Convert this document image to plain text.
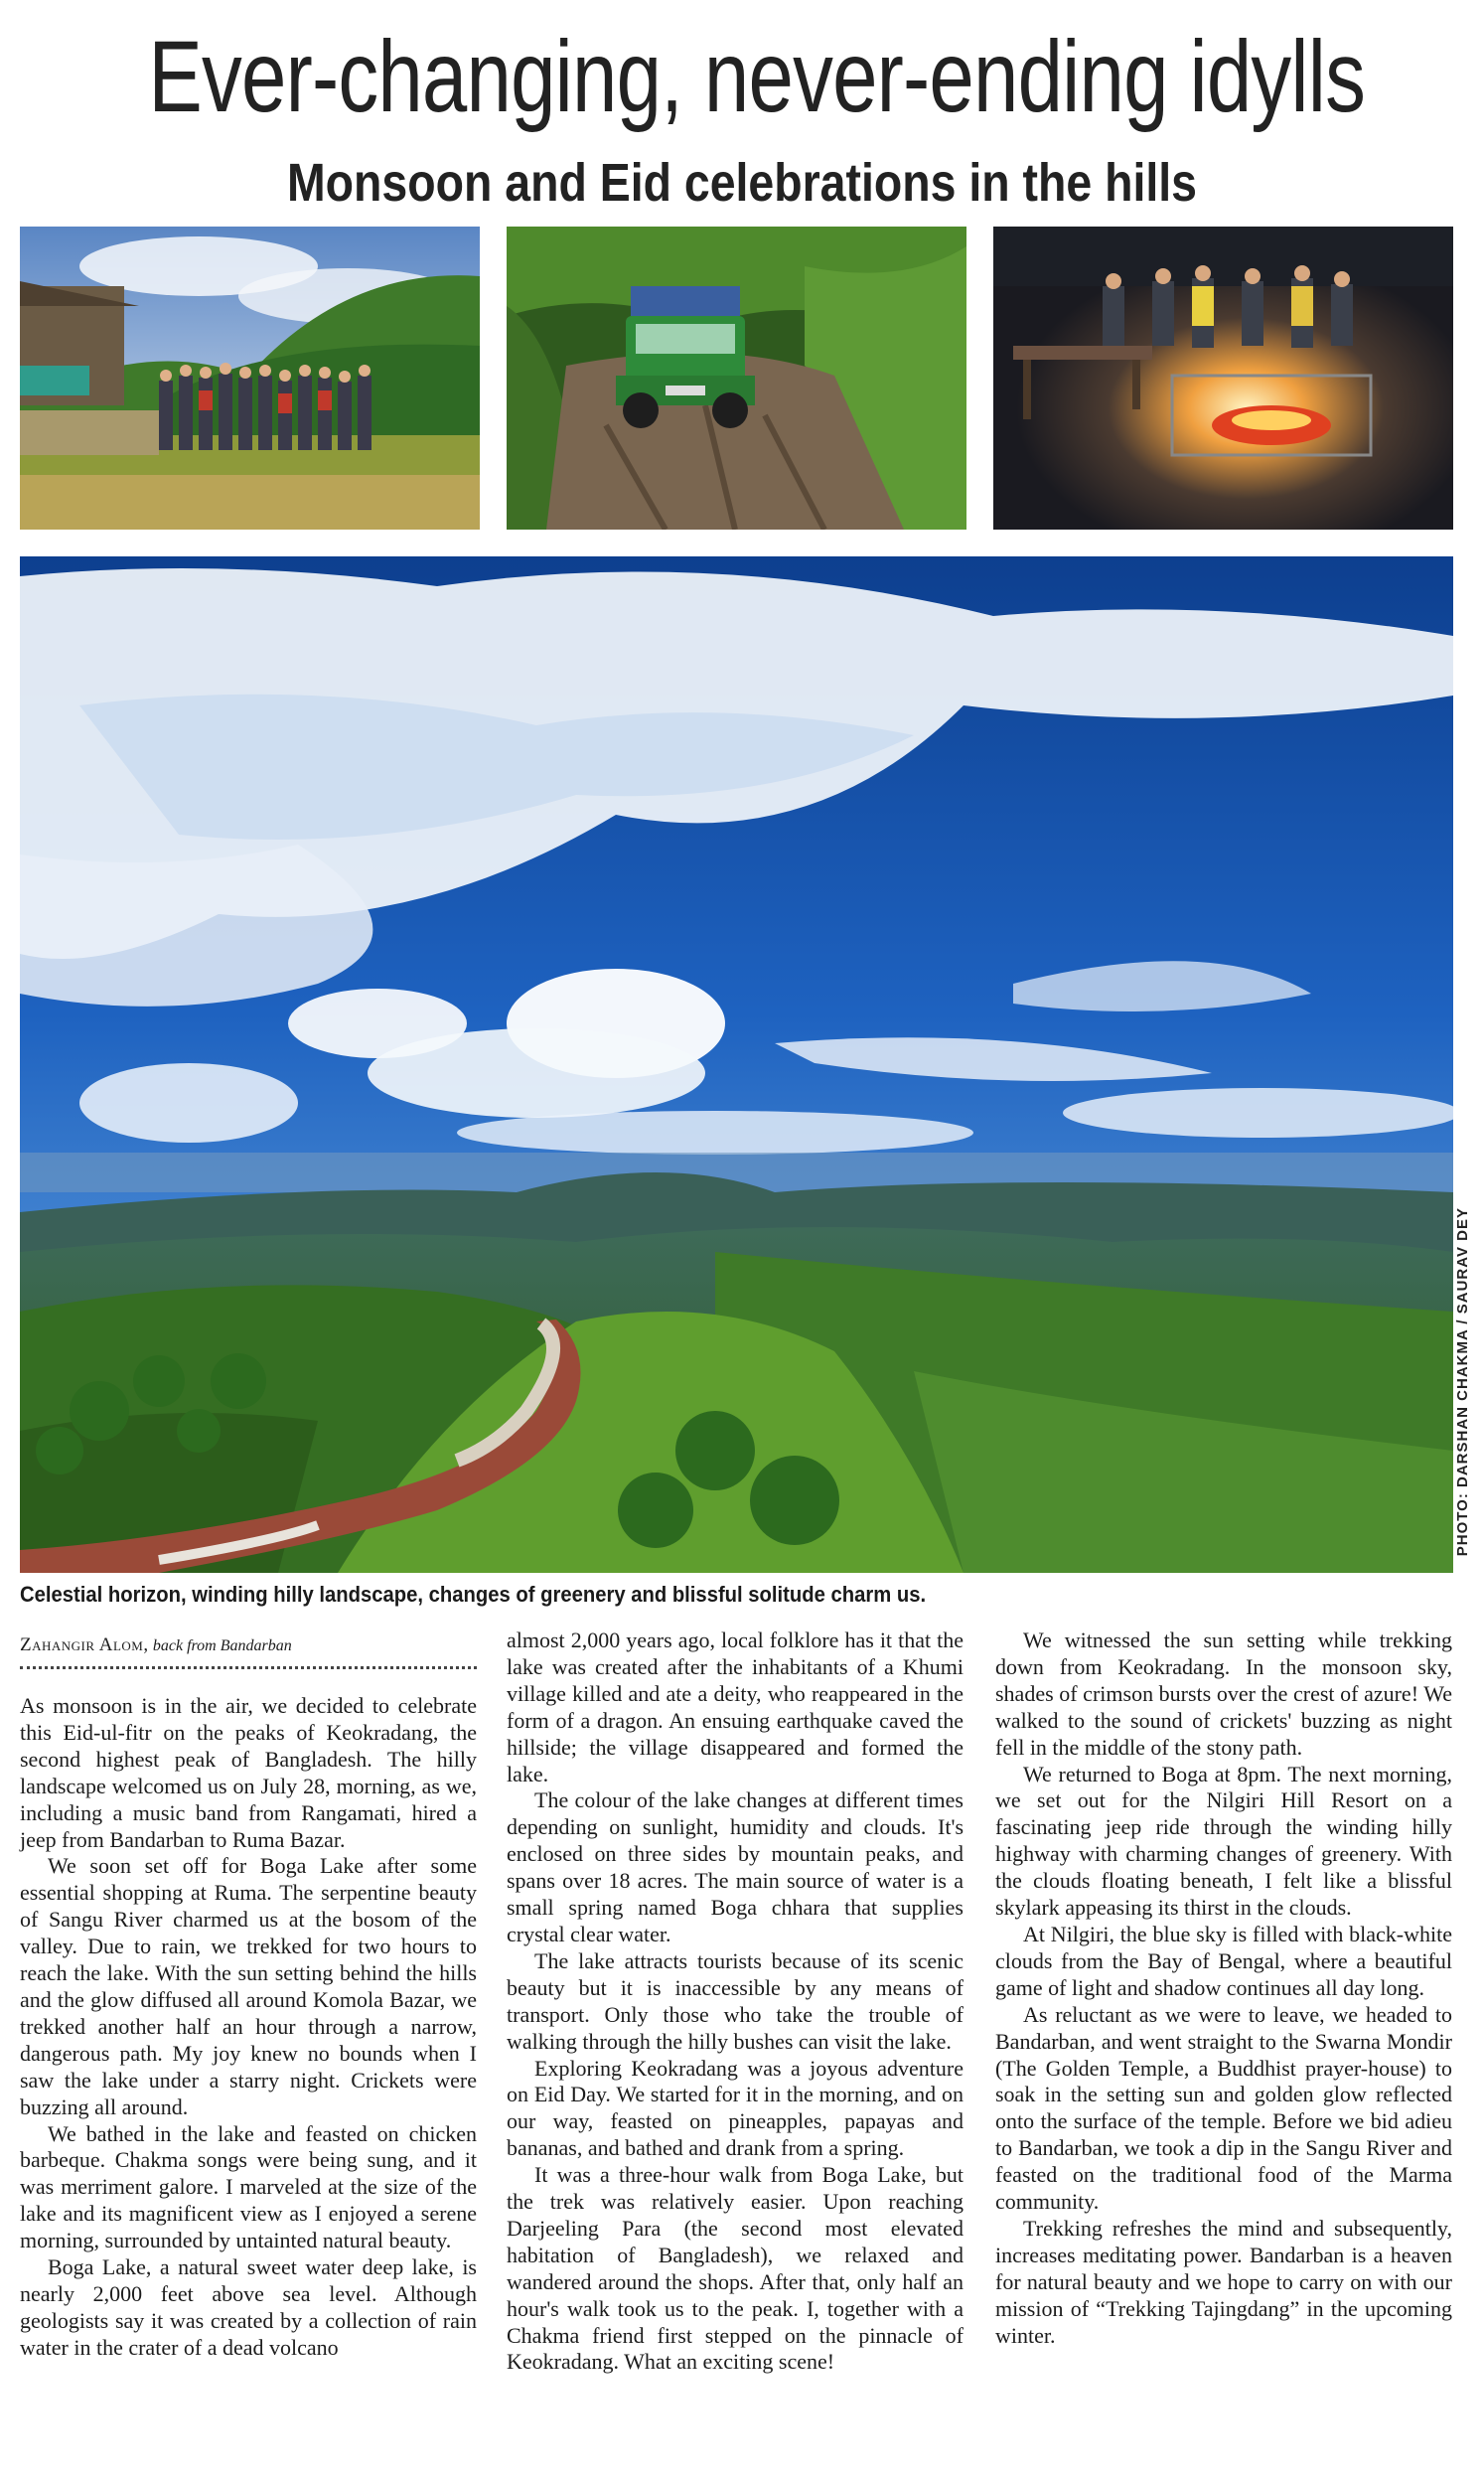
Ever-changing, never-ending idylls
Monsoon and Eid celebrations in the hills
PHOTO: DARSHAN CHAKMA / SAURAV DEY
Celestial horizon, winding hilly landscape, changes of greenery and blissful solitude charm us.
Zahangir Alom, back from Bandarban

As monsoon is in the air, we decided to celebrate this Eid-ul-fitr on the peaks of Keokradang, the second highest peak of Bangladesh. The hilly landscape welcomed us on July 28, morning, as we, including a music band from Rangamati, hired a jeep from Bandarban to Ruma Bazar.

We soon set off for Boga Lake after some essential shopping at Ruma. The serpentine beauty of Sangu River charmed us at the bosom of the valley. Due to rain, we trekked for two hours to reach the lake. With the sun setting behind the hills and the glow diffused all around Komola Bazar, we trekked another half an hour through a narrow, dangerous path. My joy knew no bounds when I saw the lake under a starry night. Crickets were buzzing all around.

We bathed in the lake and feasted on chicken barbeque. Chakma songs were being sung, and it was merriment galore. I marveled at the size of the lake and its magnificent view as I enjoyed a serene morning, surrounded by untainted natural beauty.

Boga Lake, a natural sweet water deep lake, is nearly 2,000 feet above sea level. Although geologists say it was created by a collection of rain water in the crater of a dead volcano

almost 2,000 years ago, local folklore has it that the lake was created after the inhabitants of a Khumi village killed and ate a deity, who reappeared in the form of a dragon. An ensuing earthquake caved the hillside; the village disappeared and formed the lake.

The colour of the lake changes at different times depending on sunlight, humidity and clouds. It's enclosed on three sides by mountain peaks, and spans over 18 acres. The main source of water is a small spring named Boga chhara that supplies crystal clear water.

The lake attracts tourists because of its scenic beauty but it is inaccessible by any means of transport. Only those who take the trouble of walking through the hilly bushes can visit the lake.

Exploring Keokradang was a joyous adventure on Eid Day. We started for it in the morning, and on our way, feasted on pineapples, papayas and bananas, and bathed and drank from a spring.

It was a three-hour walk from Boga Lake, but the trek was relatively easier. Upon reaching Darjeeling Para (the second most elevated habitation of Bangladesh), we relaxed and wandered around the shops. After that, only half an hour's walk took us to the peak. I, together with a Chakma friend first stepped on the pinnacle of Keokradang. What an exciting scene!

We witnessed the sun setting while trekking down from Keokradang. In the monsoon sky, shades of crimson bursts over the crest of azure! We walked to the sound of crickets' buzzing as night fell in the middle of the stony path.

We returned to Boga at 8pm. The next morning, we set out for the Nilgiri Hill Resort on a fascinating jeep ride through the winding hilly highway with charming changes of greenery. With the clouds floating beneath, I felt like a blissful skylark appeasing its thirst in the clouds.

At Nilgiri, the blue sky is filled with black-white clouds from the Bay of Bengal, where a beautiful game of light and shadow continues all day long.

As reluctant as we were to leave, we headed to Bandarban, and went straight to the Swarna Mondir (The Golden Temple, a Buddhist prayer-house) to soak in the setting sun and golden glow reflected onto the surface of the temple. Before we bid adieu to Bandarban, we took a dip in the Sangu River and feasted on the traditional food of the Marma community.

Trekking refreshes the mind and subsequently, increases meditating power. Bandarban is a heaven for natural beauty and we hope to carry on with our mission of “Trekking Tajingdang” in the upcoming winter.
